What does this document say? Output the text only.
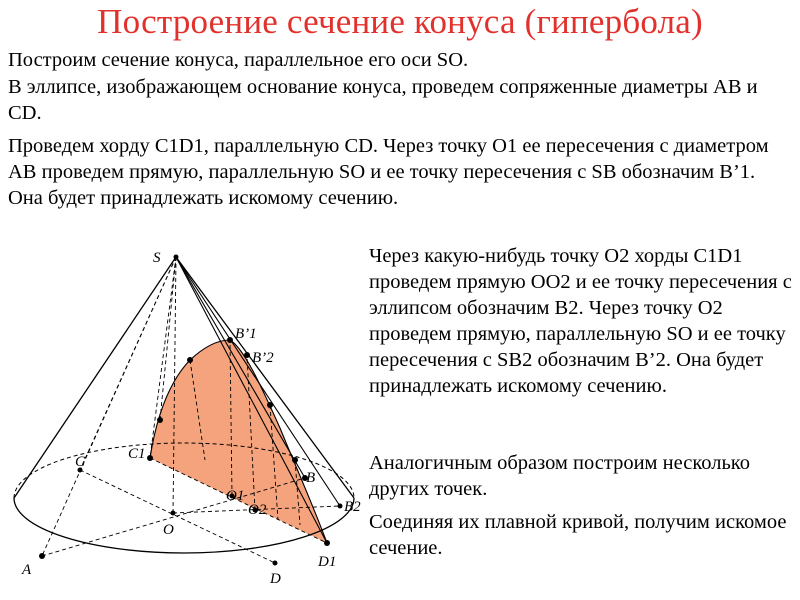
Построение сечение конуса (гипербола)

Построим сечение конуса, параллельное его оси SO.

В эллипсе, изображающем основание конуса, проведем сопряженные диаметры AB и CD.

Проведем хорду C1D1, параллельную CD. Через точку O1 ее пересечения с диаметром AB проведем прямую, параллельную SO и ее точку пересечения с SB обозначим B’1. Она будет принадлежать искомому сечению.

Через какую-нибудь точку O2 хорды C1D1 проведем прямую OO2 и ее точку пересечения с эллипсом обозначим B2. Через точку O2 проведем прямую, параллельную SO и ее точку пересечения с SB2 обозначим B’2. Она будет принадлежать искомому сечению.

Аналогичным образом построим несколько других точек.

Соединяя их плавной кривой, получим искомое сечение.

S
C	C1
B’1
B’2
B
B2
O
O1
O2
A
D
D1
